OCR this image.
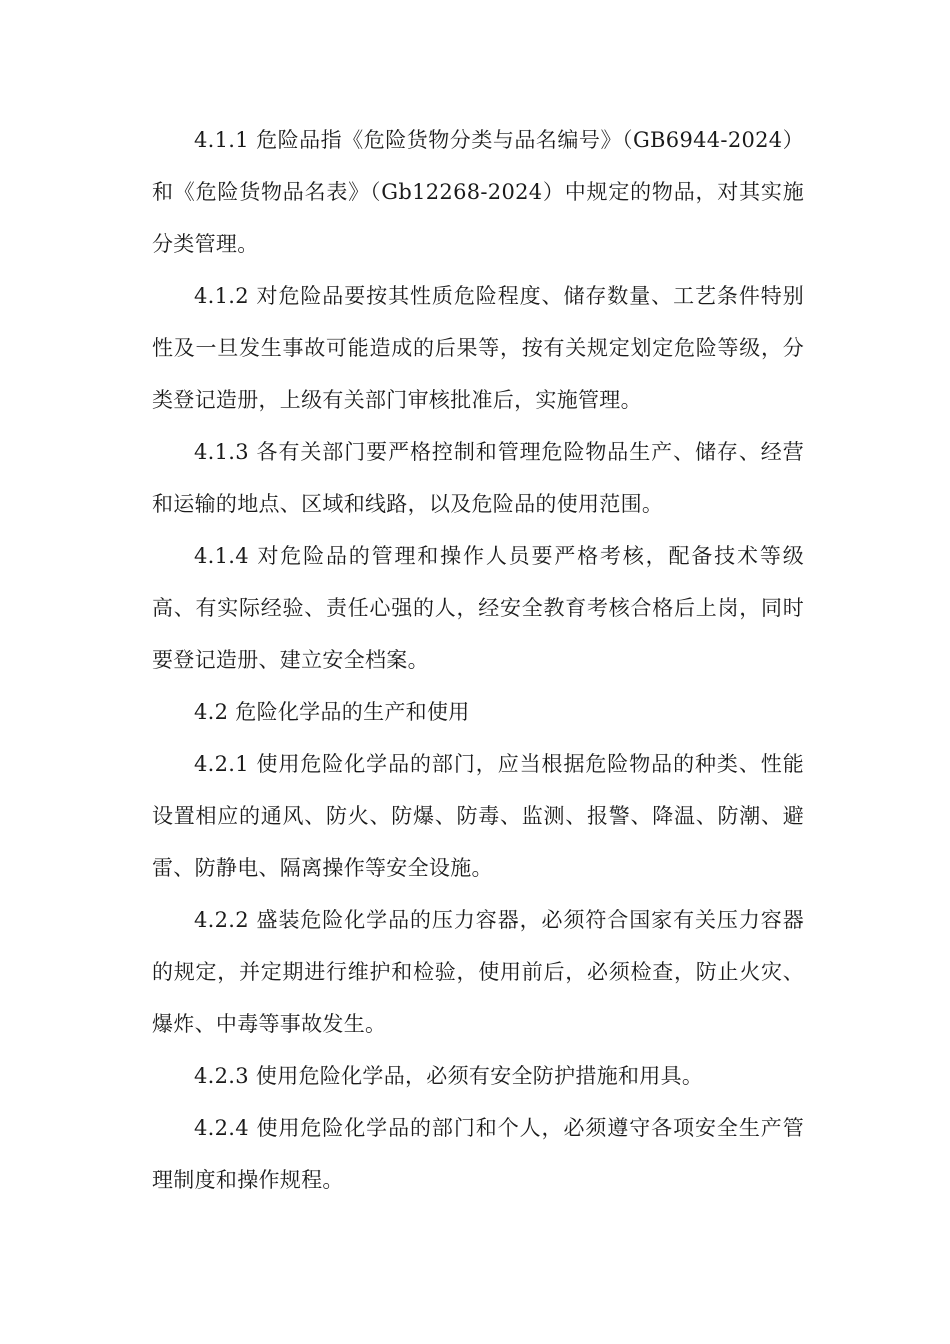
4.1.1 危险品指《危险货物分类与品名编号》（GB6944-2024）和《危险货物品名表》（Gb12268-2024）中规定的物品，对其实施分类管理。

4.1.2 对危险品要按其性质危险程度、储存数量、工艺条件特别性及一旦发生事故可能造成的后果等，按有关规定划定危险等级，分类登记造册，上级有关部门审核批准后，实施管理。

4.1.3 各有关部门要严格控制和管理危险物品生产、储存、经营和运输的地点、区域和线路，以及危险品的使用范围。

4.1.4 对危险品的管理和操作人员要严格考核，配备技术等级高、有实际经验、责任心强的人，经安全教育考核合格后上岗，同时要登记造册、建立安全档案。

4.2 危险化学品的生产和使用

4.2.1 使用危险化学品的部门，应当根据危险物品的种类、性能设置相应的通风、防火、防爆、防毒、监测、报警、降温、防潮、避雷、防静电、隔离操作等安全设施。

4.2.2 盛装危险化学品的压力容器，必须符合国家有关压力容器的规定，并定期进行维护和检验，使用前后，必须检查，防止火灾、爆炸、中毒等事故发生。

4.2.3 使用危险化学品，必须有安全防护措施和用具。

4.2.4 使用危险化学品的部门和个人，必须遵守各项安全生产管理制度和操作规程。
